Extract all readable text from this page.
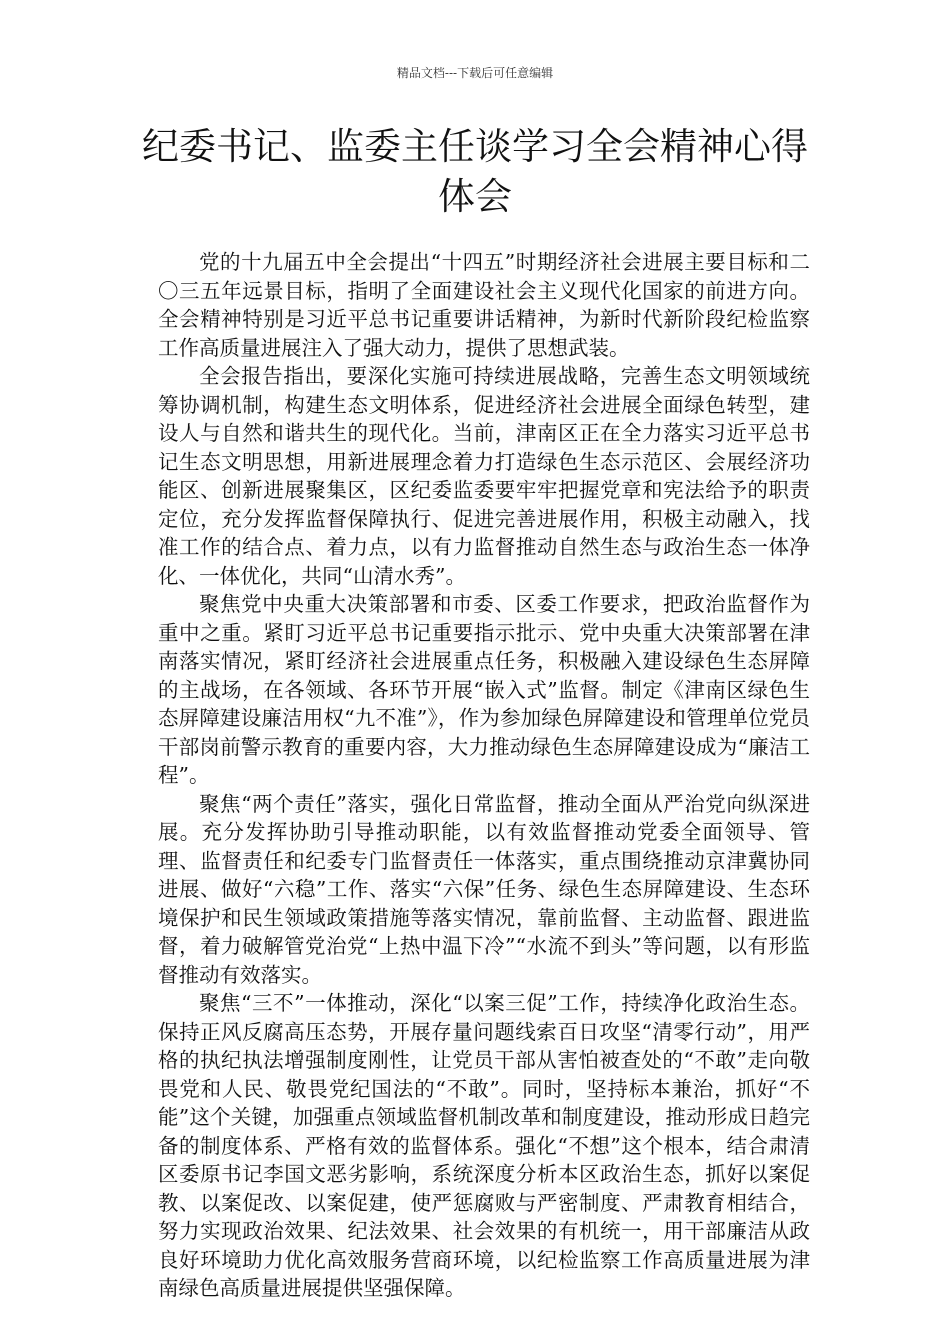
精品文档---下载后可任意编辑
纪委书记、监委主任谈学习全会精神心得体会

党的十九届五中全会提出“十四五”时期经济社会进展主要目标和二〇三五年远景目标，指明了全面建设社会主义现代化国家的前进方向。全会精神特别是习近平总书记重要讲话精神，为新时代新阶段纪检监察工作高质量进展注入了强大动力，提供了思想武装。

全会报告指出，要深化实施可持续进展战略，完善生态文明领域统筹协调机制，构建生态文明体系，促进经济社会进展全面绿色转型，建设人与自然和谐共生的现代化。当前，津南区正在全力落实习近平总书记生态文明思想，用新进展理念着力打造绿色生态示范区、会展经济功能区、创新进展聚集区，区纪委监委要牢牢把握党章和宪法给予的职责定位，充分发挥监督保障执行、促进完善进展作用，积极主动融入，找准工作的结合点、着力点，以有力监督推动自然生态与政治生态一体净化、一体优化，共同“山清水秀”。

聚焦党中央重大决策部署和市委、区委工作要求，把政治监督作为重中之重。紧盯习近平总书记重要指示批示、党中央重大决策部署在津南落实情况，紧盯经济社会进展重点任务，积极融入建设绿色生态屏障的主战场，在各领域、各环节开展“嵌入式”监督。制定《津南区绿色生态屏障建设廉洁用权“九不准”》，作为参加绿色屏障建设和管理单位党员干部岗前警示教育的重要内容，大力推动绿色生态屏障建设成为“廉洁工程”。

聚焦“两个责任”落实，强化日常监督，推动全面从严治党向纵深进展。充分发挥协助引导推动职能，以有效监督推动党委全面领导、管理、监督责任和纪委专门监督责任一体落实，重点围绕推动京津冀协同进展、做好“六稳”工作、落实“六保”任务、绿色生态屏障建设、生态环境保护和民生领域政策措施等落实情况，靠前监督、主动监督、跟进监督，着力破解管党治党“上热中温下冷”“水流不到头”等问题，以有形监督推动有效落实。

聚焦“三不”一体推动，深化“以案三促”工作，持续净化政治生态。保持正风反腐高压态势，开展存量问题线索百日攻坚“清零行动”，用严格的执纪执法增强制度刚性，让党员干部从害怕被查处的“不敢”走向敬畏党和人民、敬畏党纪国法的“不敢”。同时，坚持标本兼治，抓好“不能”这个关键，加强重点领域监督机制改革和制度建设，推动形成日趋完备的制度体系、严格有效的监督体系。强化“不想”这个根本，结合肃清区委原书记李国文恶劣影响，系统深度分析本区政治生态，抓好以案促教、以案促改、以案促建，使严惩腐败与严密制度、严肃教育相结合，努力实现政治效果、纪法效果、社会效果的有机统一，用干部廉洁从政良好环境助力优化高效服务营商环境，以纪检监察工作高质量进展为津南绿色高质量进展提供坚强保障。
